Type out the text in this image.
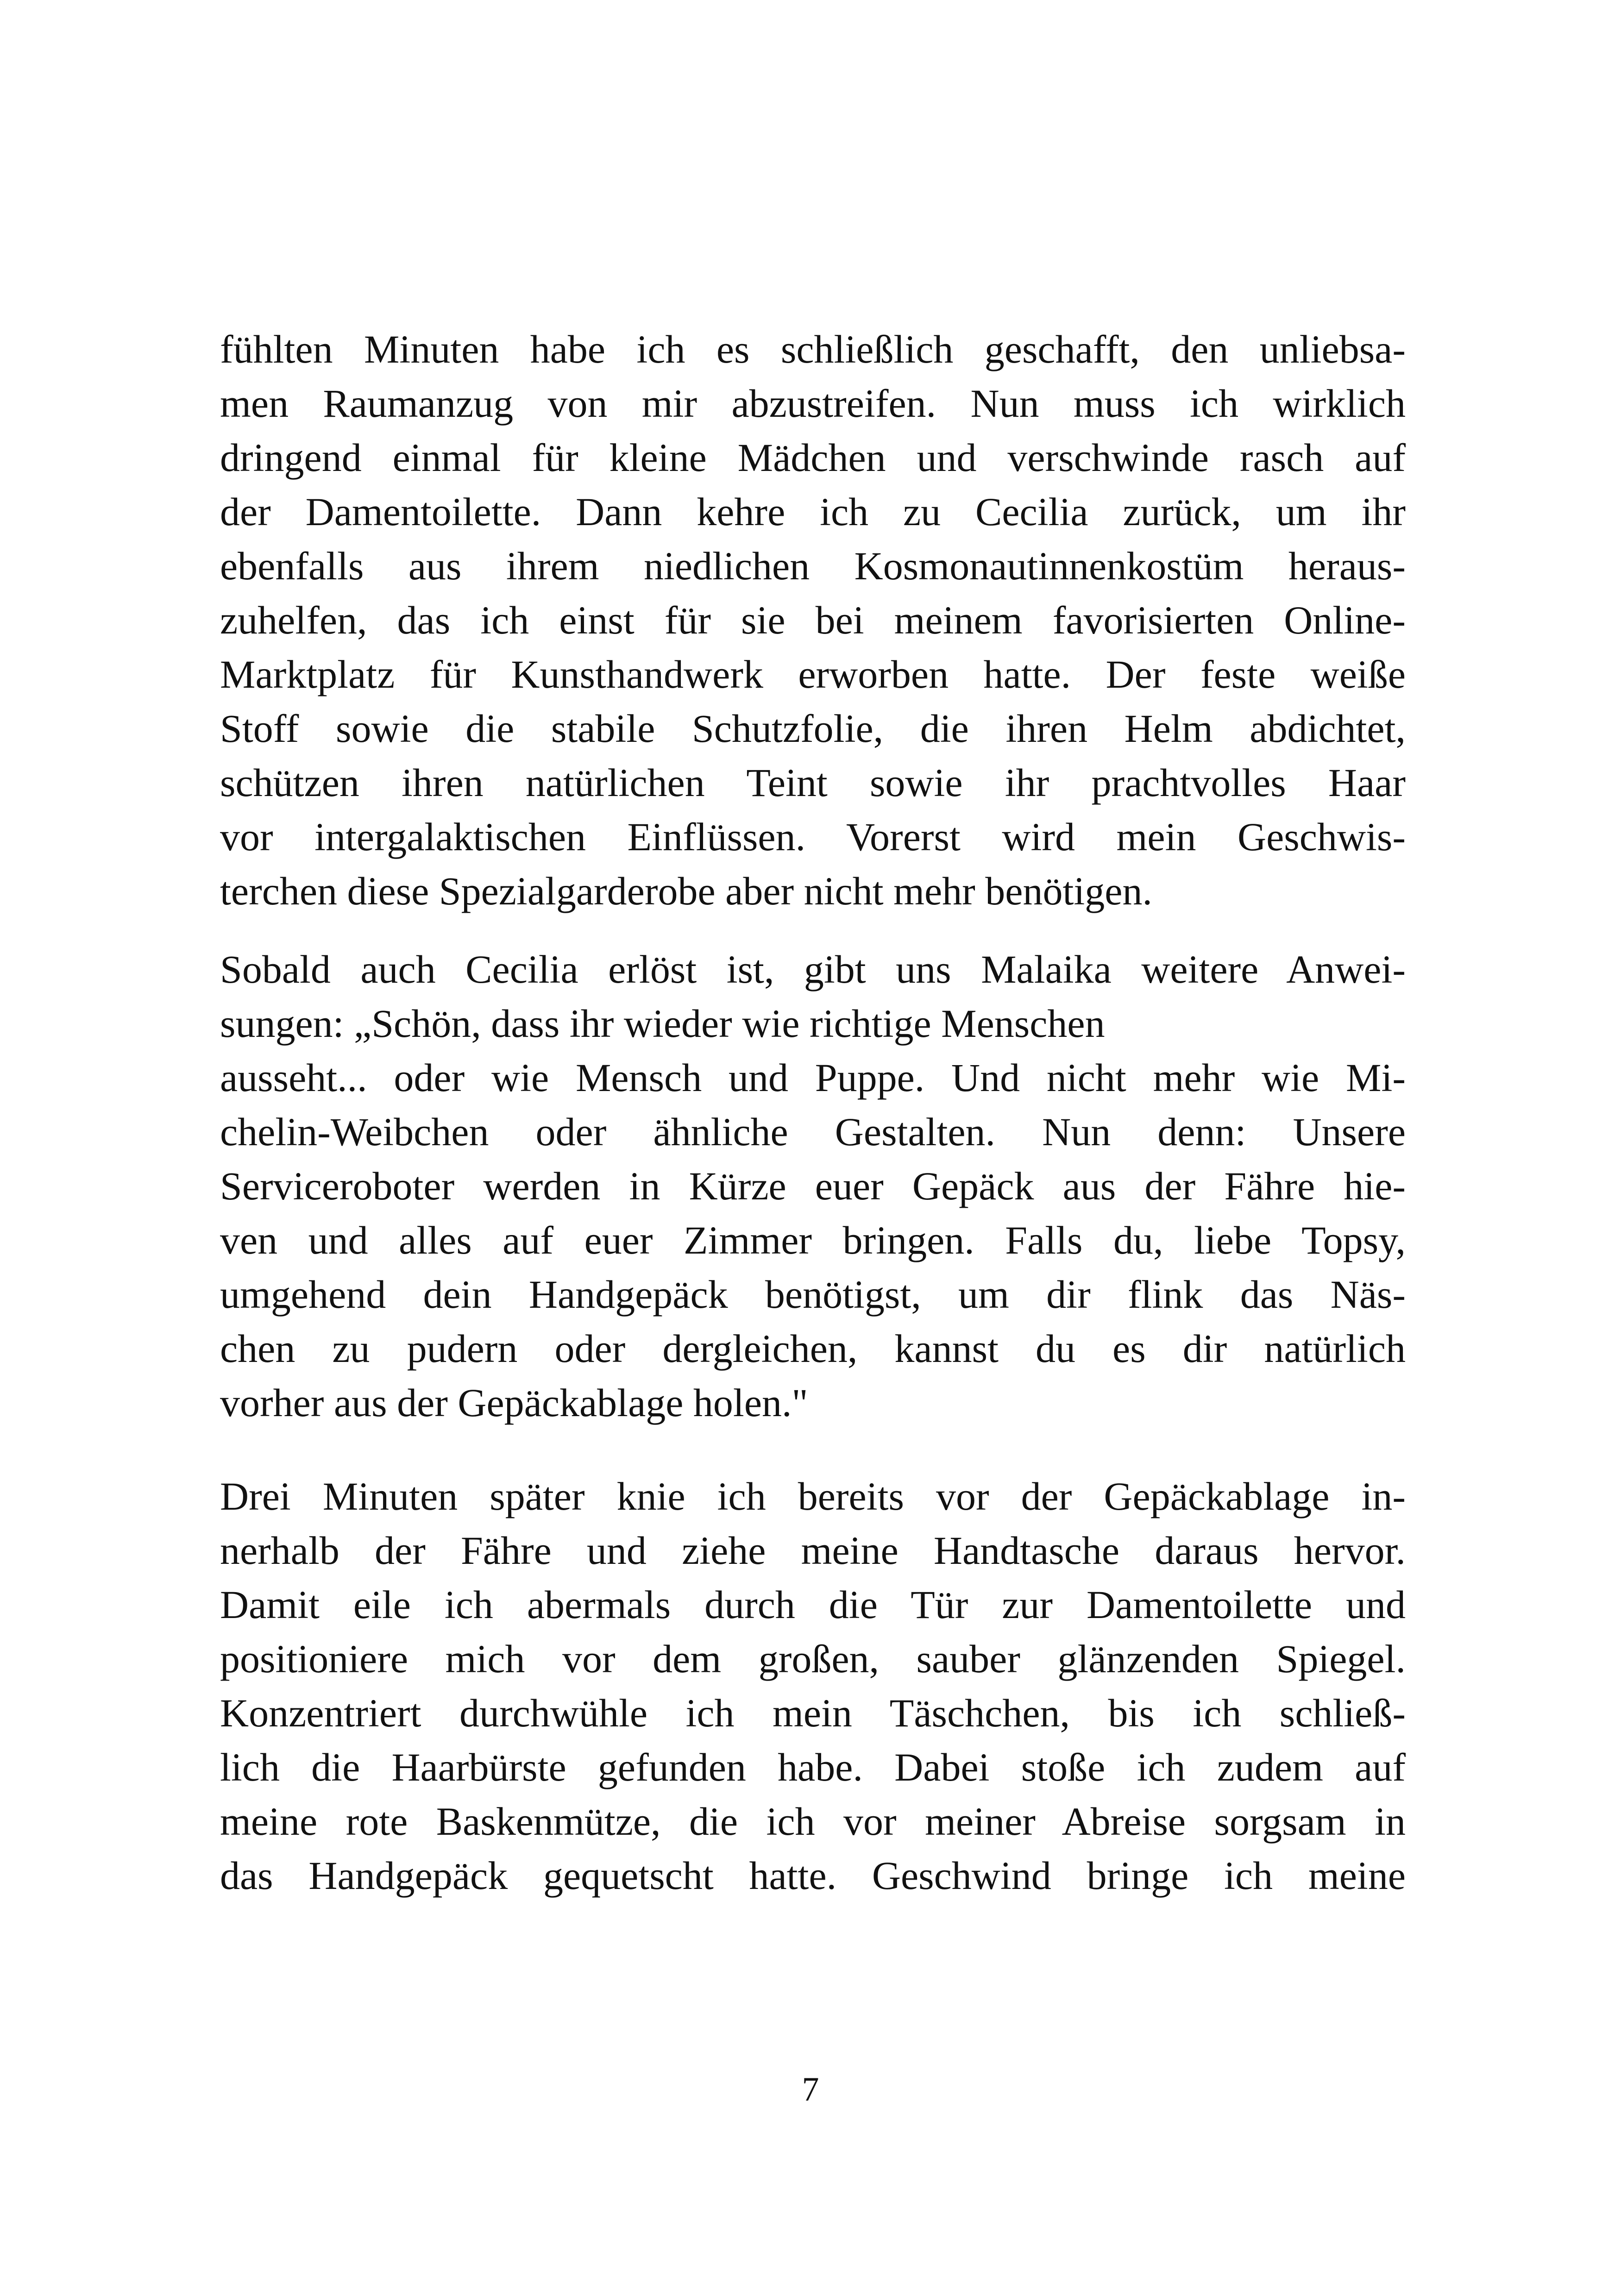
fühlten Minuten habe ich es schließlich geschafft, den unliebsa-
men Raumanzug von mir abzustreifen. Nun muss ich wirklich
dringend einmal für kleine Mädchen und verschwinde rasch auf
der Damentoilette. Dann kehre ich zu Cecilia zurück, um ihr
ebenfalls aus ihrem niedlichen Kosmonautinnenkostüm heraus-
zuhelfen, das ich einst für sie bei meinem favorisierten Online-
Marktplatz für Kunsthandwerk erworben hatte. Der feste weiße
Stoff sowie die stabile Schutzfolie, die ihren Helm abdichtet,
schützen ihren natürlichen Teint sowie ihr prachtvolles Haar
vor intergalaktischen Einflüssen. Vorerst wird mein Geschwis-
terchen diese Spezialgarderobe aber nicht mehr benötigen.
Sobald auch Cecilia erlöst ist, gibt uns Malaika weitere Anwei-
sungen: „Schön, dass ihr wieder wie richtige Menschen
ausseht... oder wie Mensch und Puppe. Und nicht mehr wie Mi-
chelin-Weibchen oder ähnliche Gestalten. Nun denn: Unsere
Serviceroboter werden in Kürze euer Gepäck aus der Fähre hie-
ven und alles auf euer Zimmer bringen. Falls du, liebe Topsy,
umgehend dein Handgepäck benötigst, um dir flink das Näs-
chen zu pudern oder dergleichen, kannst du es dir natürlich
vorher aus der Gepäckablage holen."
Drei Minuten später knie ich bereits vor der Gepäckablage in-
nerhalb der Fähre und ziehe meine Handtasche daraus hervor.
Damit eile ich abermals durch die Tür zur Damentoilette und
positioniere mich vor dem großen, sauber glänzenden Spiegel.
Konzentriert durchwühle ich mein Täschchen, bis ich schließ-
lich die Haarbürste gefunden habe. Dabei stoße ich zudem auf
meine rote Baskenmütze, die ich vor meiner Abreise sorgsam in
das Handgepäck gequetscht hatte. Geschwind bringe ich meine
7
